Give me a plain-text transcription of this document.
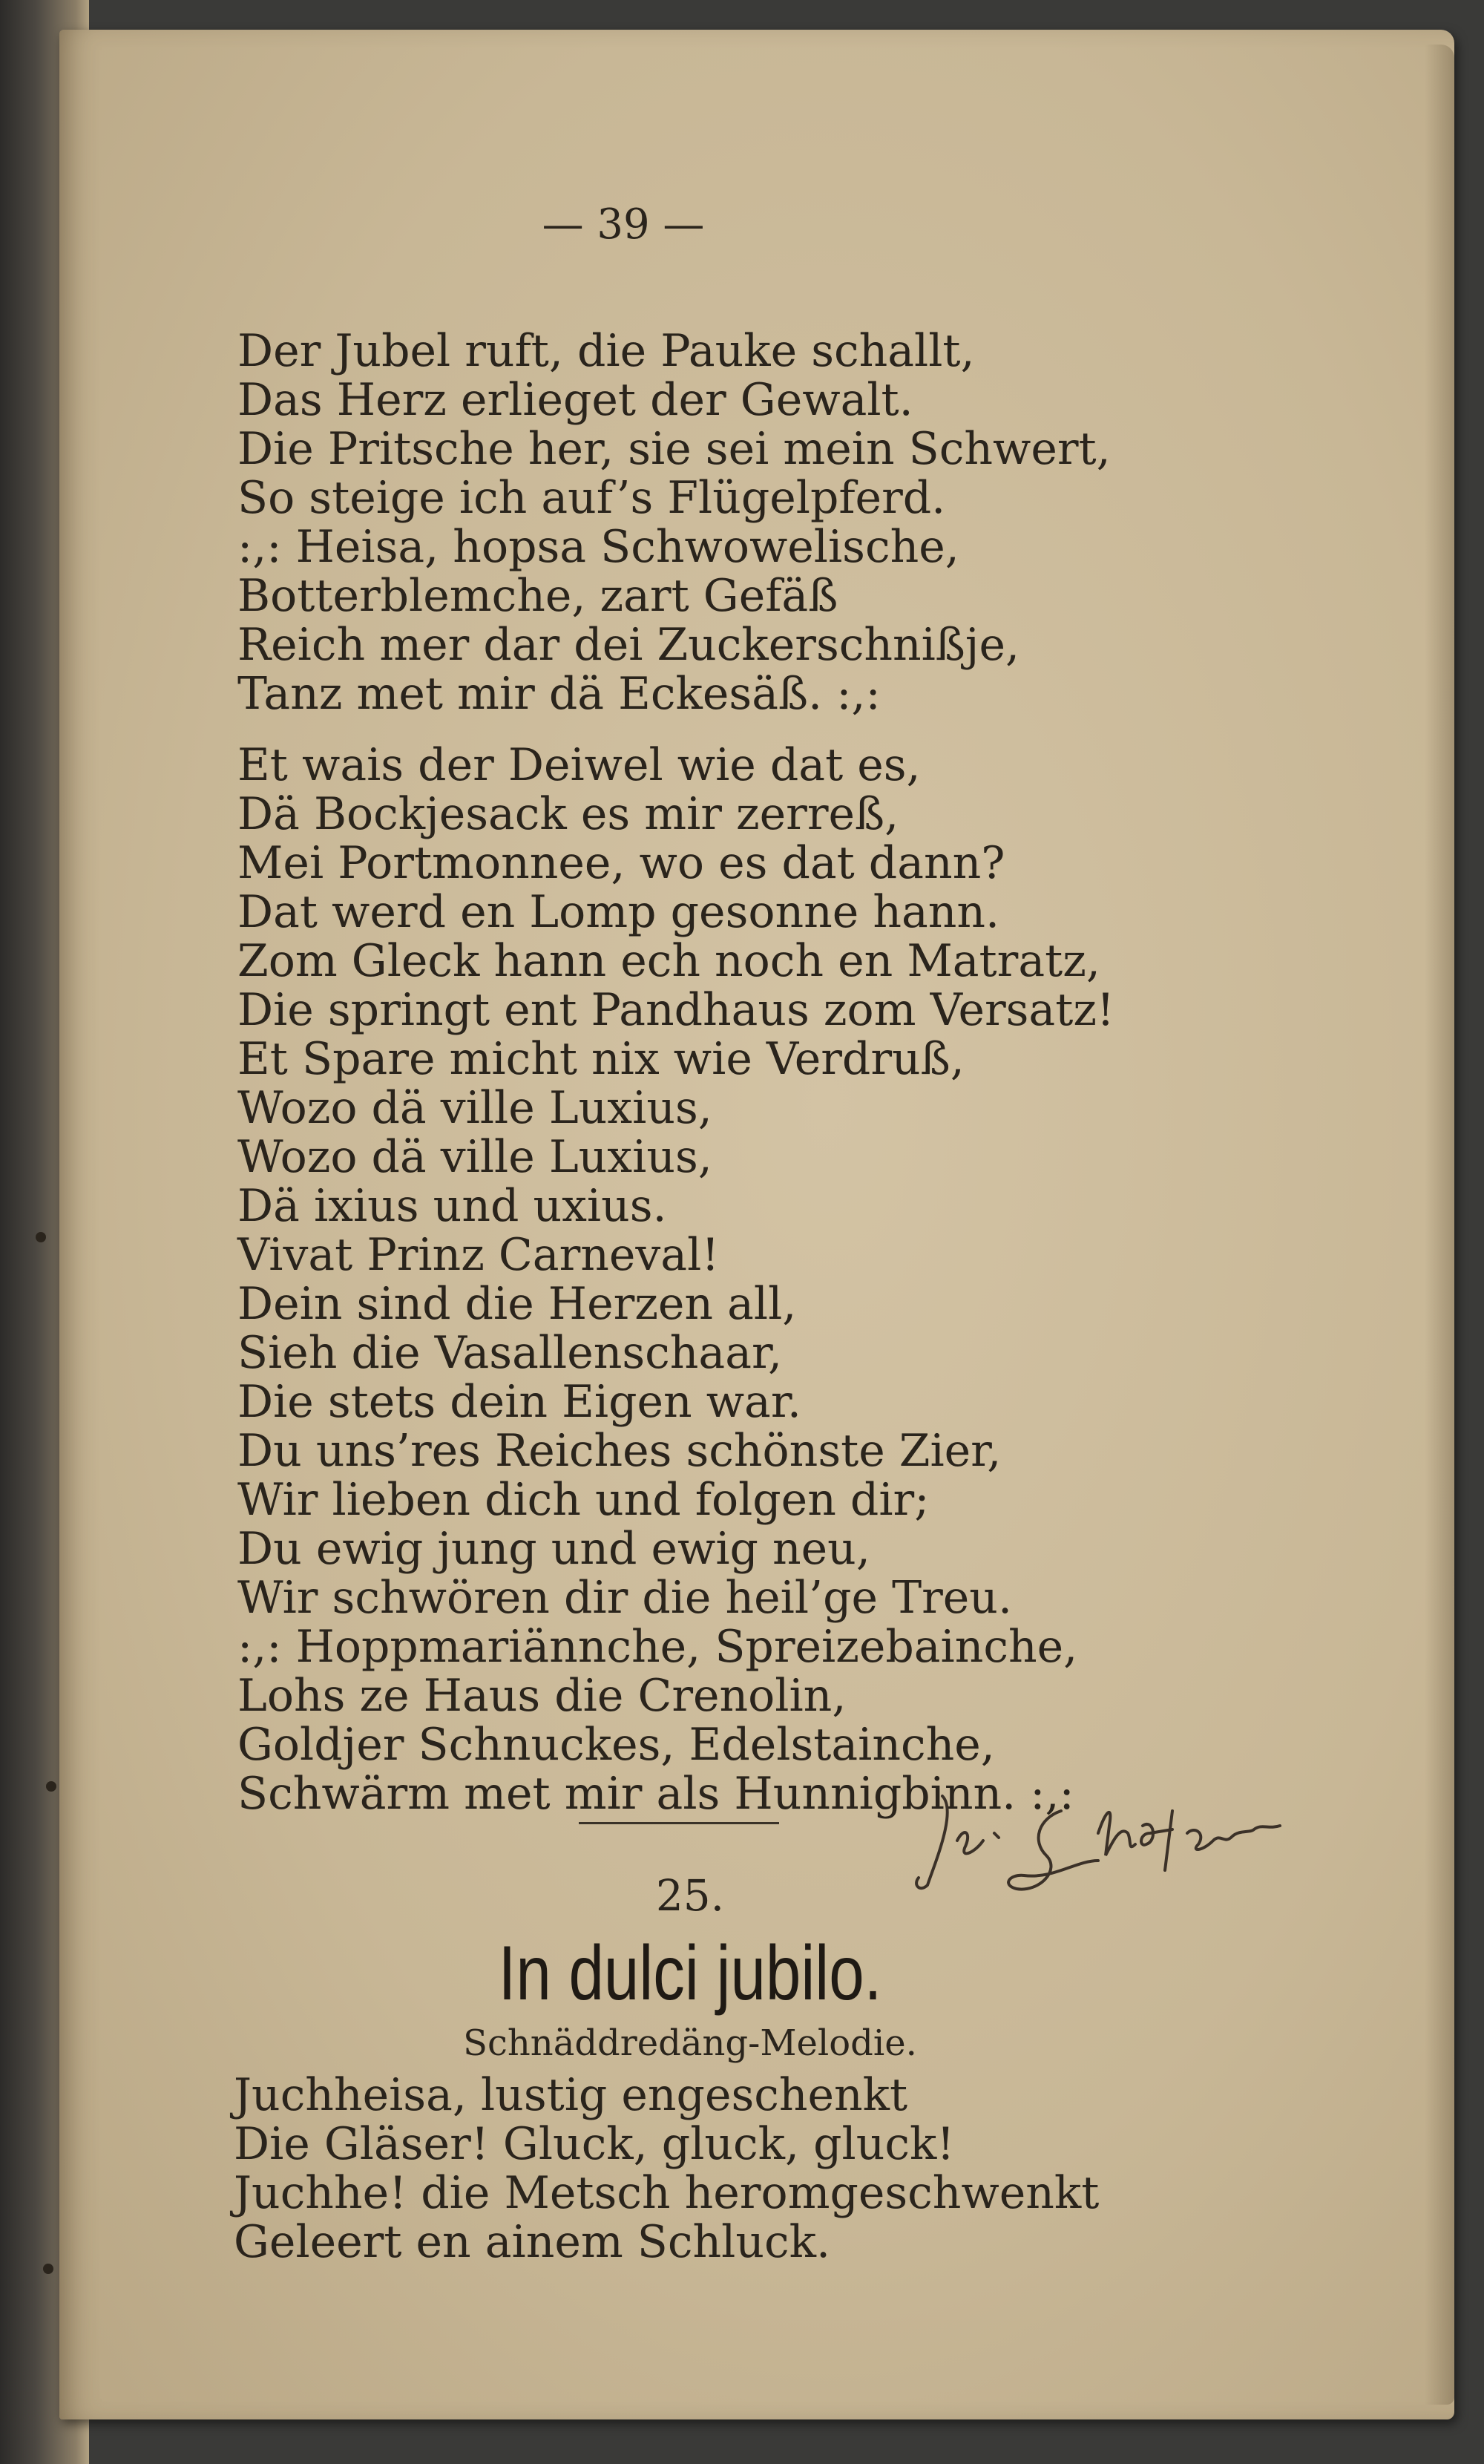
— 39 —
Der Jubel ruft, die Pauke schallt,
Das Herz erlieget der Gewalt.
Die Pritsche her, sie sei mein Schwert,
So steige ich auf’s Flügelpferd.
:,: Heisa, hopsa Schwowelische,
Botterblemche, zart Gefäß
Reich mer dar dei Zuckerschnißje,
Tanz met mir dä Eckesäß. :,:
Et wais der Deiwel wie dat es,
Dä Bockjesack es mir zerreß,
Mei Portmonnee, wo es dat dann?
Dat werd en Lomp gesonne hann.
Zom Gleck hann ech noch en Matratz,
Die springt ent Pandhaus zom Versatz!
Et Spare micht nix wie Verdruß,
Wozo dä ville Luxius,
Wozo dä ville Luxius,
Dä ixius und uxius.
Vivat Prinz Carneval!
Dein sind die Herzen all,
Sieh die Vasallenschaar,
Die stets dein Eigen war.
Du uns’res Reiches schönste Zier,
Wir lieben dich und folgen dir;
Du ewig jung und ewig neu,
Wir schwören dir die heil’ge Treu.
:,: Hoppmariännche, Spreizebainche,
Lohs ze Haus die Crenolin,
Goldjer Schnuckes, Edelstainche,
Schwärm met mir als Hunnigbinn. :,:
25.
In dulci jubilo.
Schnäddredäng-Melodie.
Juchheisa, lustig engeschenkt
Die Gläser! Gluck, gluck, gluck!
Juchhe! die Metsch heromgeschwenkt
Geleert en ainem Schluck.
